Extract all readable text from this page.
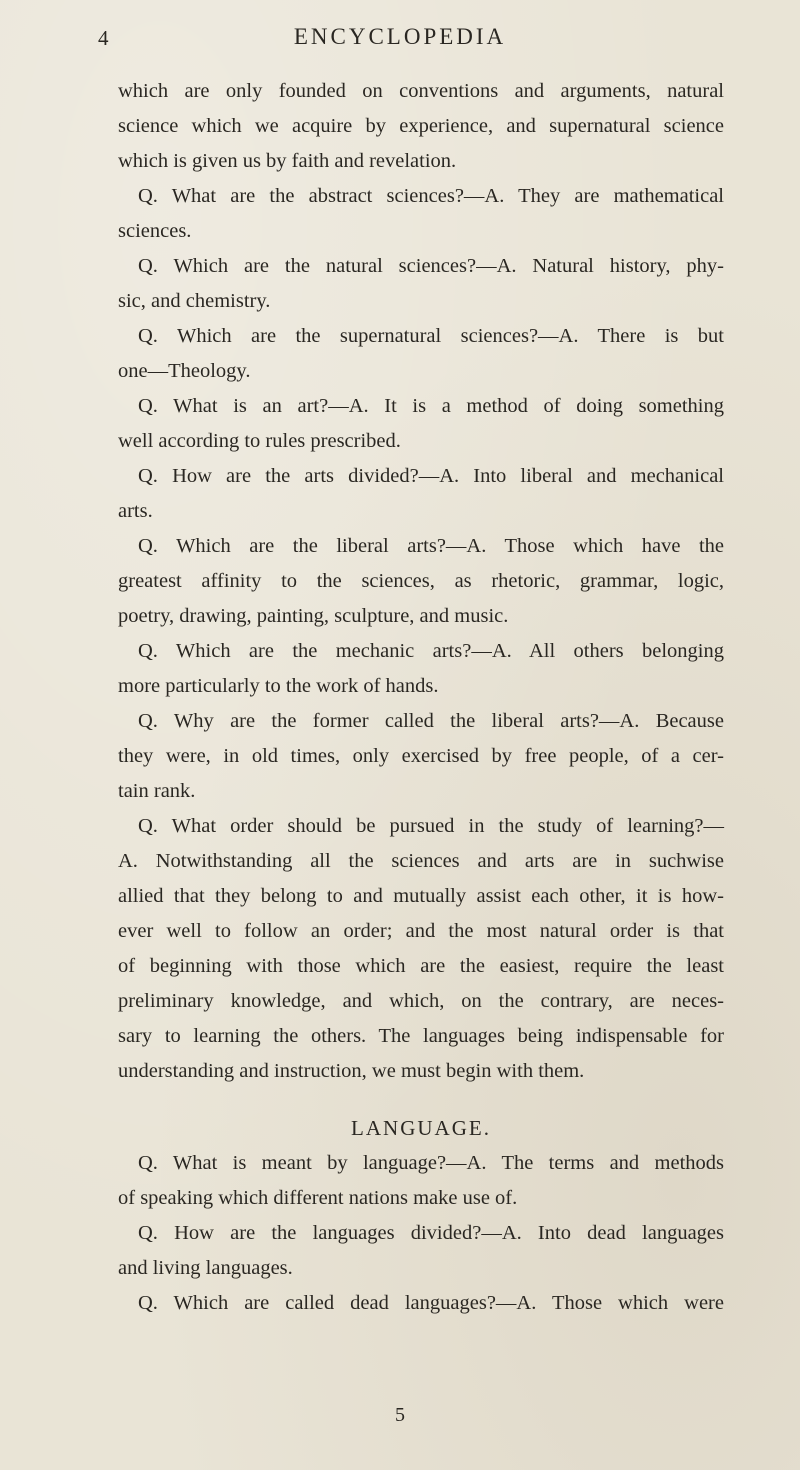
4	ENCYCLOPEDIA
which are only founded on conventions and arguments, natural
science which we acquire by experience, and supernatural science
which is given us by faith and revelation.
Q. What are the abstract sciences?—A. They are mathematical
sciences.
Q. Which are the natural sciences?—A. Natural history, phy-
sic, and chemistry.
Q. Which are the supernatural sciences?—A. There is but
one—Theology.
Q. What is an art?—A. It is a method of doing something
well according to rules prescribed.
Q. How are the arts divided?—A. Into liberal and mechanical
arts.
Q. Which are the liberal arts?—A. Those which have the
greatest affinity to the sciences, as rhetoric, grammar, logic,
poetry, drawing, painting, sculpture, and music.
Q. Which are the mechanic arts?—A. All others belonging
more particularly to the work of hands.
Q. Why are the former called the liberal arts?—A. Because
they were, in old times, only exercised by free people, of a cer-
tain rank.
Q. What order should be pursued in the study of learning?—
A. Notwithstanding all the sciences and arts are in suchwise
allied that they belong to and mutually assist each other, it is how-
ever well to follow an order; and the most natural order is that
of beginning with those which are the easiest, require the least
preliminary knowledge, and which, on the contrary, are neces-
sary to learning the others. The languages being indispensable for
understanding and instruction, we must begin with them.
LANGUAGE.
Q. What is meant by language?—A. The terms and methods
of speaking which different nations make use of.
Q. How are the languages divided?—A. Into dead languages
and living languages.
Q. Which are called dead languages?—A. Those which were
5
